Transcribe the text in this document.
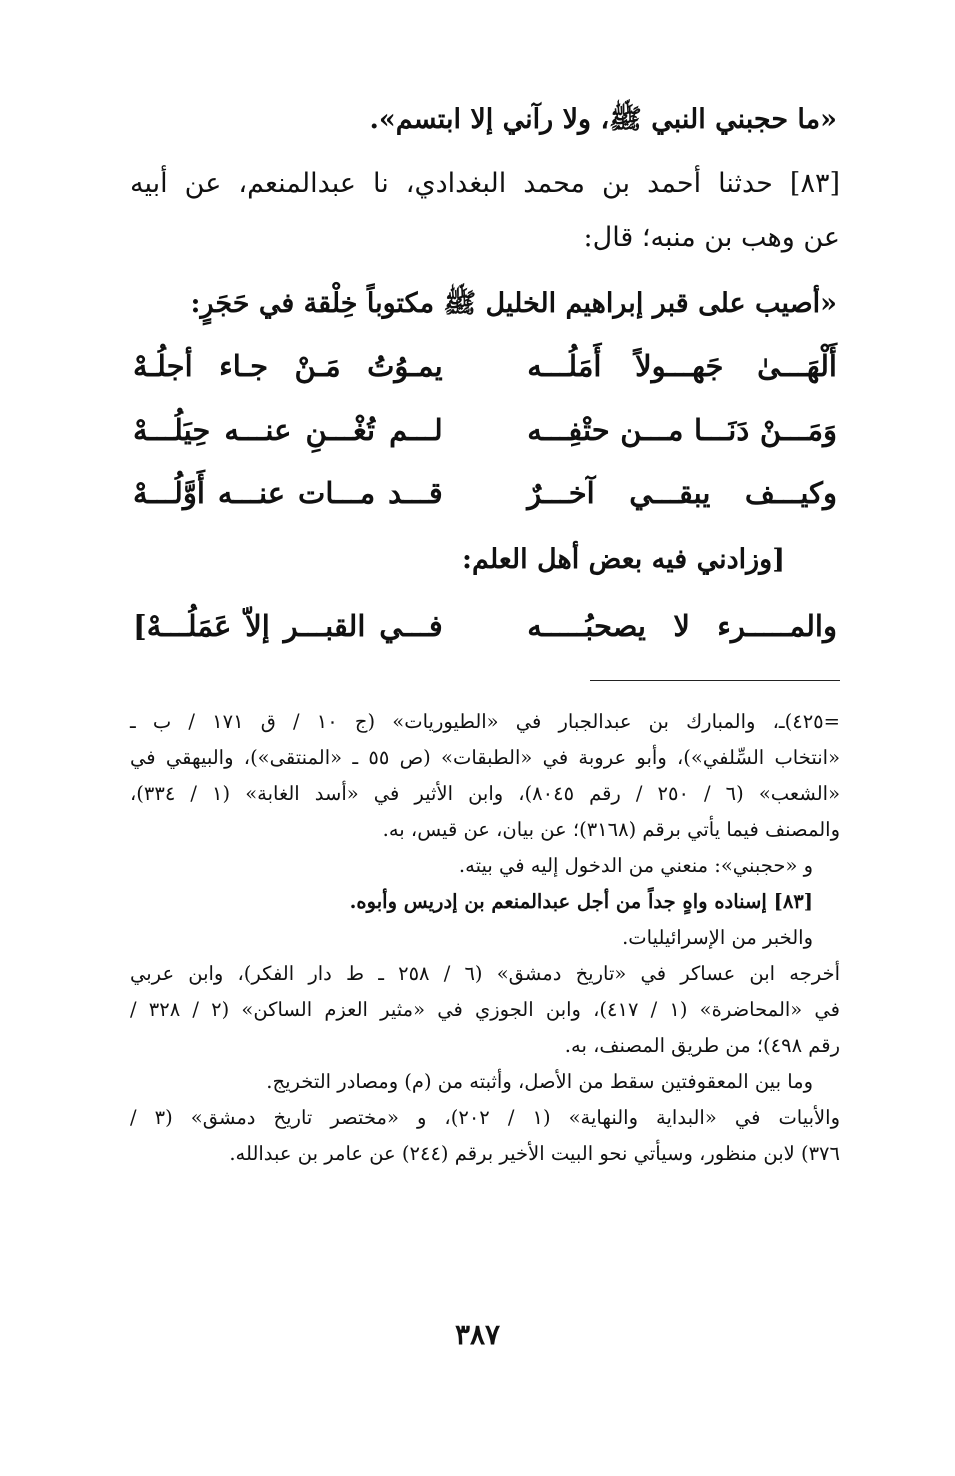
«ما حجبني النبي ﷺ، ولا رآني إلا ابتسم».
[٨٣] حدثنا أحمد بن محمد البغدادي، نا عبدالمنعم، عن أبيه
عن وهب بن منبه؛ قال:
«أصيب على قبر إبراهيم الخليل ﷺ مكتوباً خِلْقة في حَجَرٍ:
أَلْهَـــىٰ جَهـــولاً أَمَلُـــه
يمـوُتُ مَـنْ جـاء أجلُـهْ
وَمَـــنْ دَنَـــا مـــن حتْفِـــه
لـــم تُغْـــنِ عنـــه حِيَلُـــهْ
وكيـــف يبقـــي آخـــرٌ
قـــد مـــات عنـــه أَوَّلُـــهْ
[وزادني فيه بعض أهل العلم:
والمـــــرء لا يصحبُـــــه
فـــي القبـــر إلاّ عَمَلُـــهْ]
=٤٢٥)ـ، والمبارك بن عبدالجبار في «الطيوريات» (ج ١٠ / ق ١٧١ / ب ـ
«انتخاب السِّلفي»)، وأبو عروبة في «الطبقات» (ص ٥٥ ـ «المنتقى»)، والبيهقي في
«الشعب» (٦ / ٢٥٠ / رقم ٨٠٤٥)، وابن الأثير في «أسد الغابة» (١ / ٣٣٤)،
والمصنف فيما يأتي برقم (٣١٦٨)؛ عن بيان، عن قيس، به.
و «حجبني»: منعني من الدخول إليه في بيته.
[٨٣] إسناده واهٍ جداً من أجل عبدالمنعم بن إدريس وأبوه.
والخبر من الإسرائيليات.
أخرجه ابن عساكر في «تاريخ دمشق» (٦ / ٢٥٨ ـ ط دار الفكر)، وابن عربي
في «المحاضرة» (١ / ٤١٧)، وابن الجوزي في «مثير العزم الساكن» (٢ / ٣٢٨ /
رقم ٤٩٨)؛ من طريق المصنف، به.
وما بين المعقوفتين سقط من الأصل، وأثبته من (م) ومصادر التخريج.
والأبيات في «البداية والنهاية» (١ / ٢٠٢)، و «مختصر تاريخ دمشق» (٣ /
٣٧٦) لابن منظور، وسيأتي نحو البيت الأخير برقم (٢٤٤) عن عامر بن عبدالله.
٣٨٧
